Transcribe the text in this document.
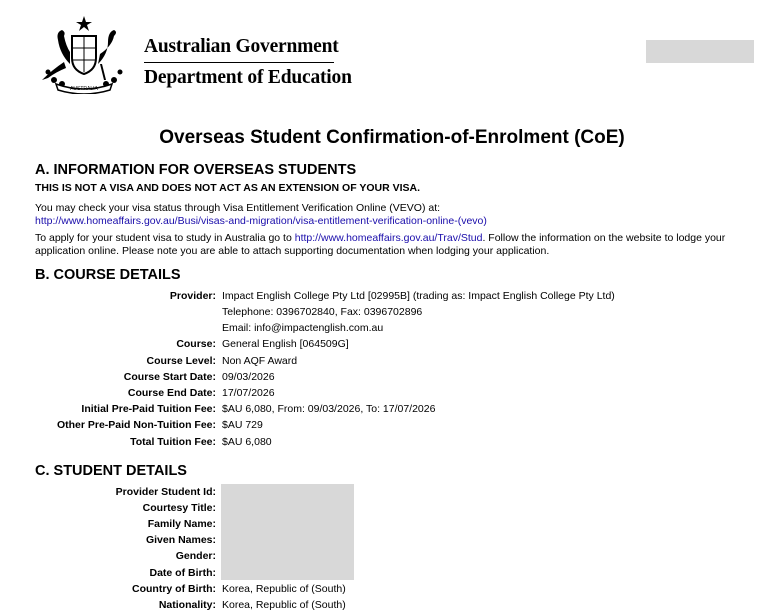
AUSTRALIA
Australian Government
Department of Education
Overseas Student Confirmation-of-Enrolment (CoE)
A. INFORMATION FOR OVERSEAS STUDENTS
THIS IS NOT A VISA AND DOES NOT ACT AS AN EXTENSION OF YOUR VISA.
You may check your visa status through Visa Entitlement Verification Online (VEVO) at:
http://www.homeaffairs.gov.au/Busi/visas-and-migration/visa-entitlement-verification-online-(vevo)
To apply for your student visa to study in Australia go to http://www.homeaffairs.gov.au/Trav/Stud. Follow the information on the website to lodge your
application online. Please note you are able to attach supporting documentation when lodging your application.
B. COURSE DETAILS
Provider: Impact English College Pty Ltd [02995B] (trading as: Impact English College Pty Ltd)
Telephone: 0396702840, Fax: 0396702896
Email: info@impactenglish.com.au
Course: General English [064509G]
Course Level: Non AQF Award
Course Start Date: 09/03/2026
Course End Date: 17/07/2026
Initial Pre-Paid Tuition Fee: $AU 6,080, From: 09/03/2026, To: 17/07/2026
Other Pre-Paid Non-Tuition Fee: $AU 729
Total Tuition Fee: $AU 6,080
C. STUDENT DETAILS
Provider Student Id:
Courtesy Title:
Family Name:
Given Names:
Gender:
Date of Birth:
Country of Birth: Korea, Republic of (South)
Nationality: Korea, Republic of (South)
